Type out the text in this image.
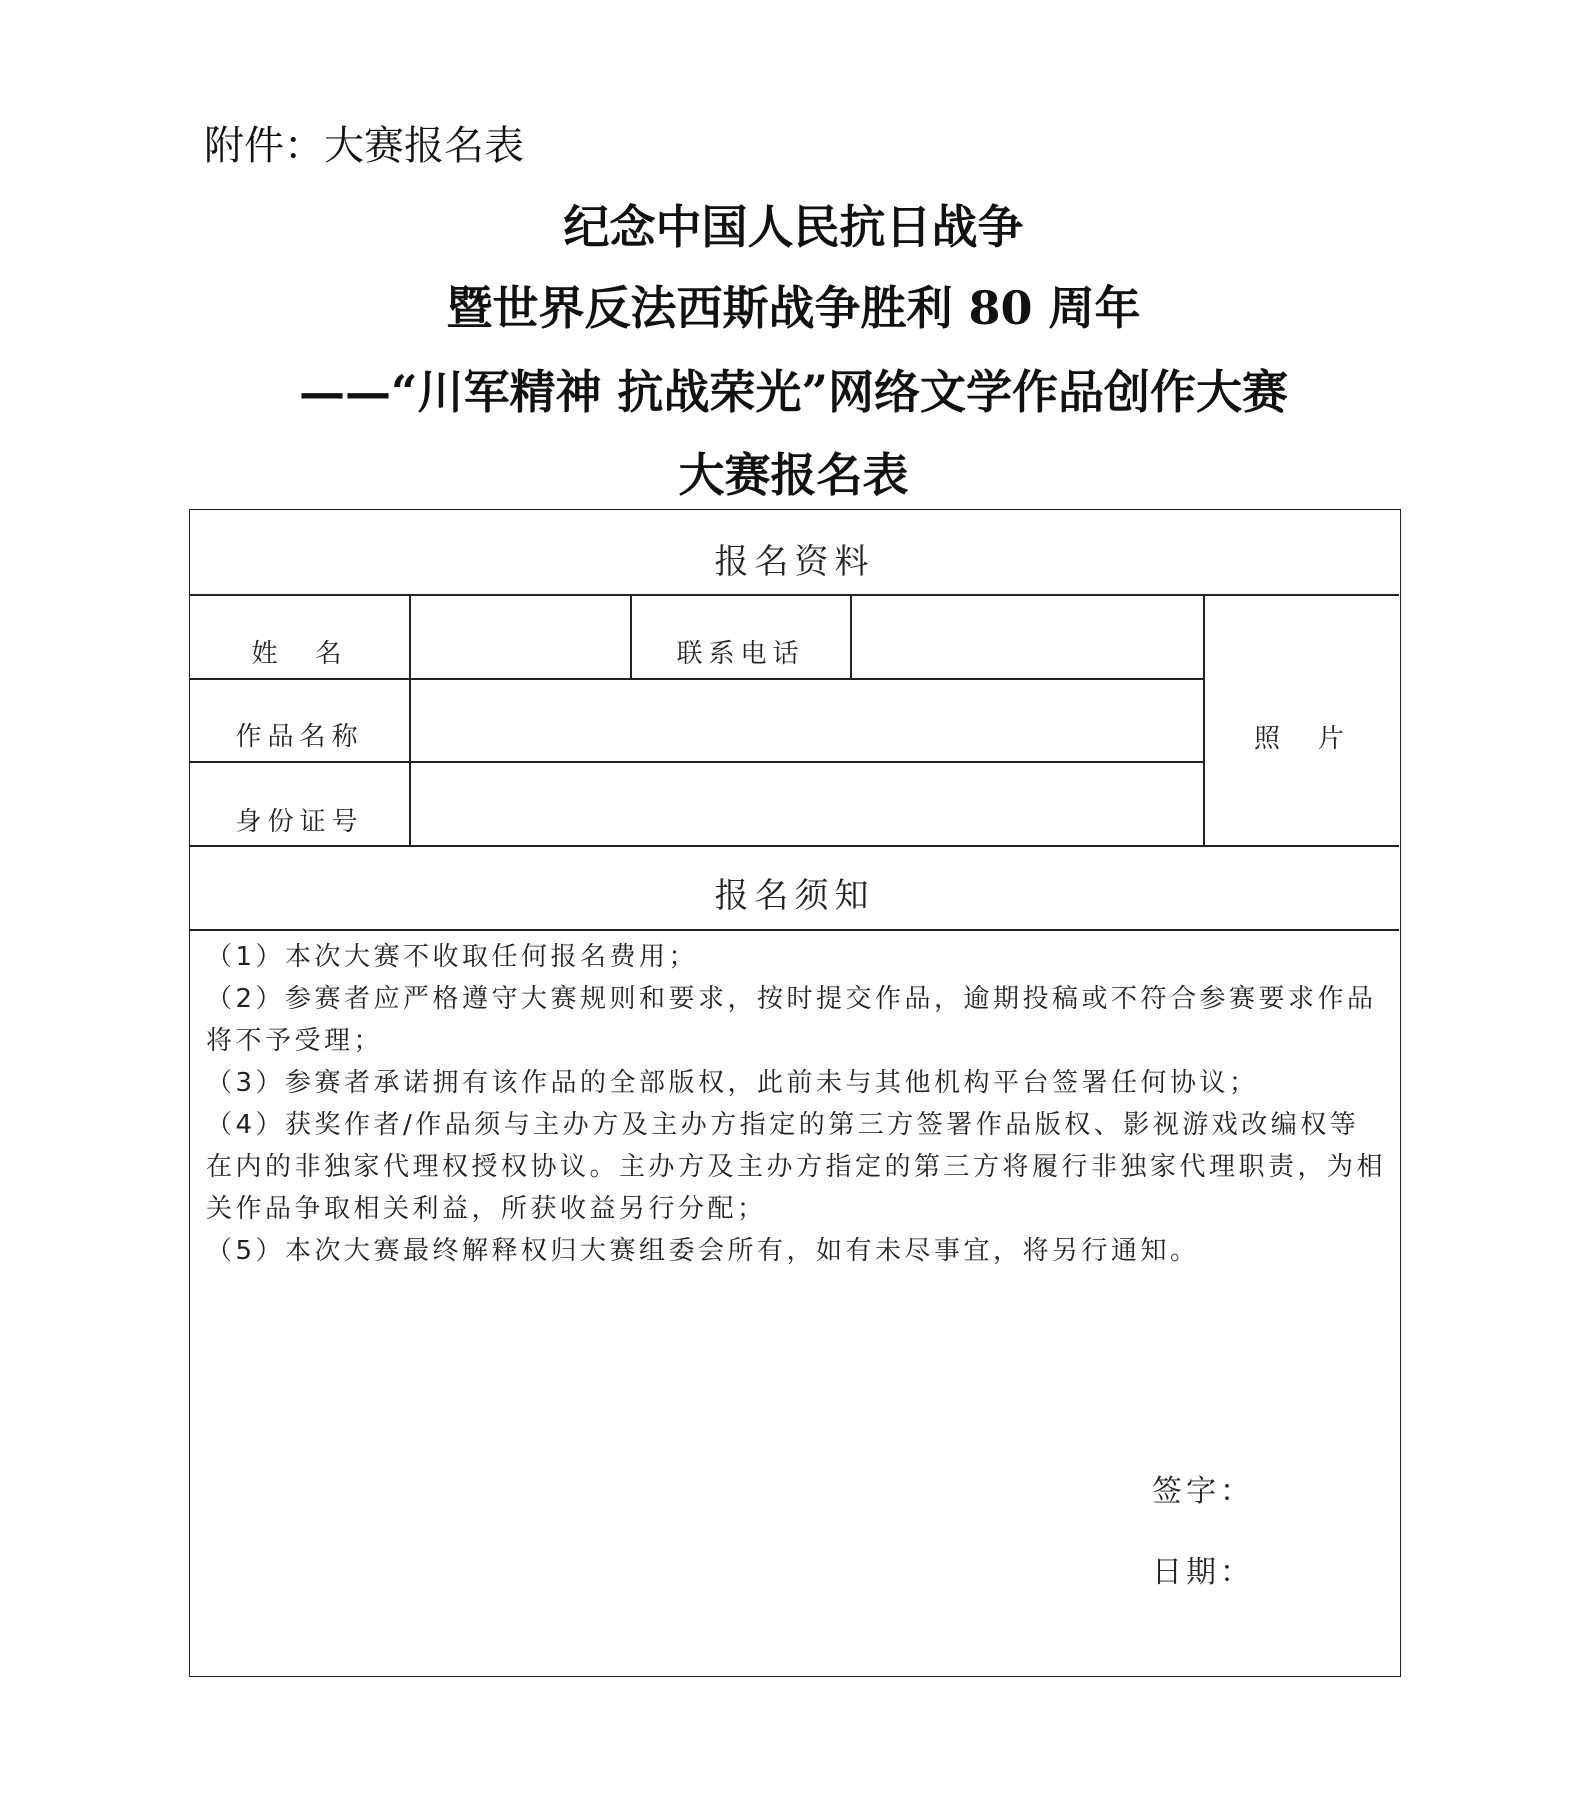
附件：大赛报名表
纪念中国人民抗日战争
暨世界反法西斯战争胜利 80 周年
——“川军精神 抗战荣光”网络文学作品创作大赛
大赛报名表
报名资料
姓　名	联系电话
作品名称
身份证号
照　片
报名须知

（1）本次大赛不收取任何报名费用；

（2）参赛者应严格遵守大赛规则和要求，按时提交作品，逾期投稿或不符合参赛要求作品将不予受理；

（3）参赛者承诺拥有该作品的全部版权，此前未与其他机构平台签署任何协议；

（4）获奖作者/作品须与主办方及主办方指定的第三方签署作品版权、影视游戏改编权等在内的非独家代理权授权协议。主办方及主办方指定的第三方将履行非独家代理职责，为相关作品争取相关利益，所获收益另行分配；

（5）本次大赛最终解释权归大赛组委会所有，如有未尽事宜，将另行通知。

签字：
日期：
